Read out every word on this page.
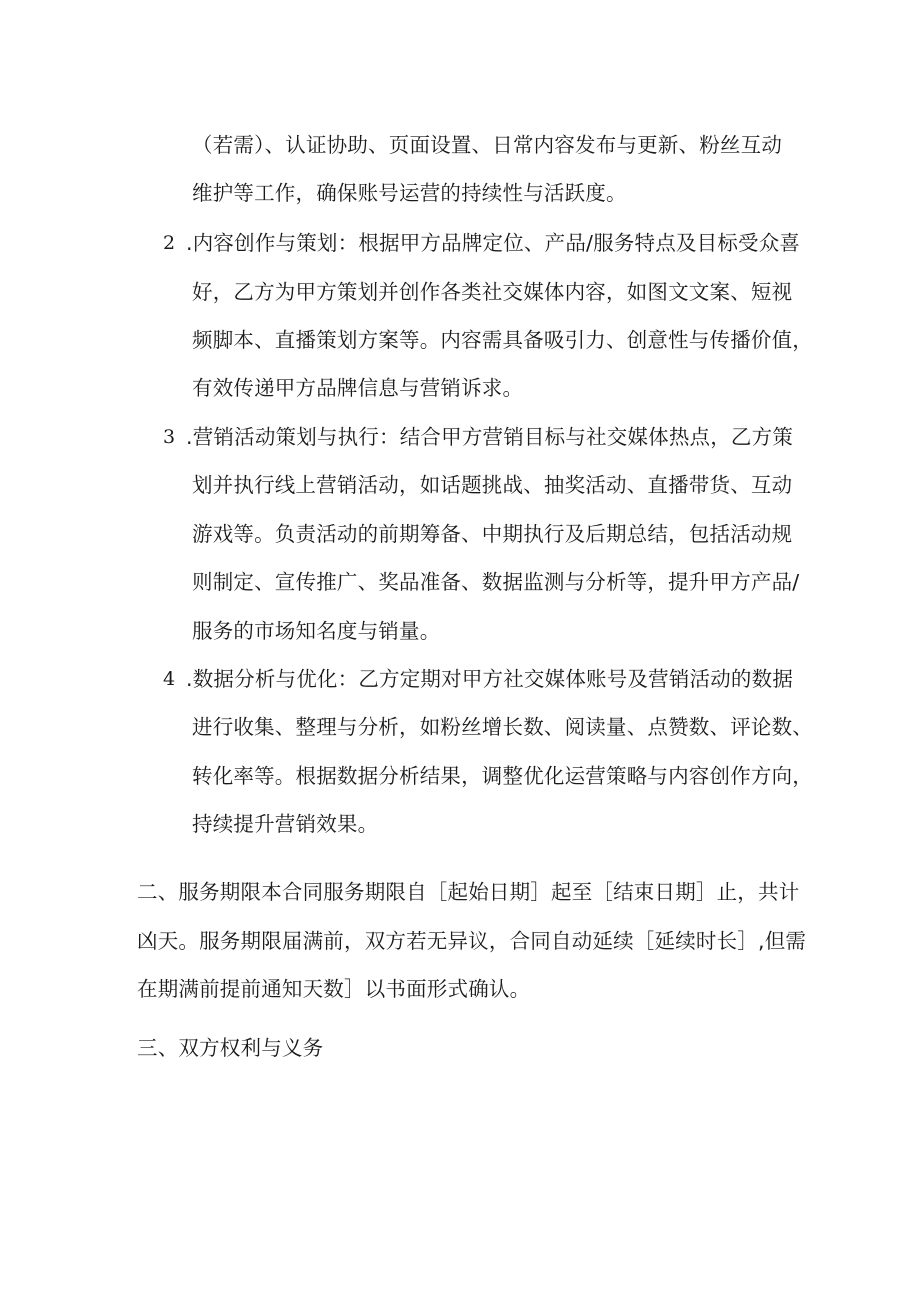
（若需）、认证协助、页面设置、日常内容发布与更新、粉丝互动
维护等工作，确保账号运营的持续性与活跃度。
2 .内容创作与策划：根据甲方品牌定位、产品/服务特点及目标受众喜
好，乙方为甲方策划并创作各类社交媒体内容，如图文文案、短视
频脚本、直播策划方案等。内容需具备吸引力、创意性与传播价值，
有效传递甲方品牌信息与营销诉求。
3 .营销活动策划与执行：结合甲方营销目标与社交媒体热点，乙方策
划并执行线上营销活动，如话题挑战、抽奖活动、直播带货、互动
游戏等。负责活动的前期筹备、中期执行及后期总结，包括活动规
则制定、宣传推广、奖品准备、数据监测与分析等，提升甲方产品/
服务的市场知名度与销量。
4 .数据分析与优化：乙方定期对甲方社交媒体账号及营销活动的数据
进行收集、整理与分析，如粉丝增长数、阅读量、点赞数、评论数、
转化率等。根据数据分析结果，调整优化运营策略与内容创作方向，
持续提升营销效果。
二、服务期限本合同服务期限自［起始日期］起至［结束日期］止，共计
凶天。服务期限届满前，双方若无异议，合同自动延续［延续时长］,但需
在期满前提前通知天数］以书面形式确认。
三、双方权利与义务
